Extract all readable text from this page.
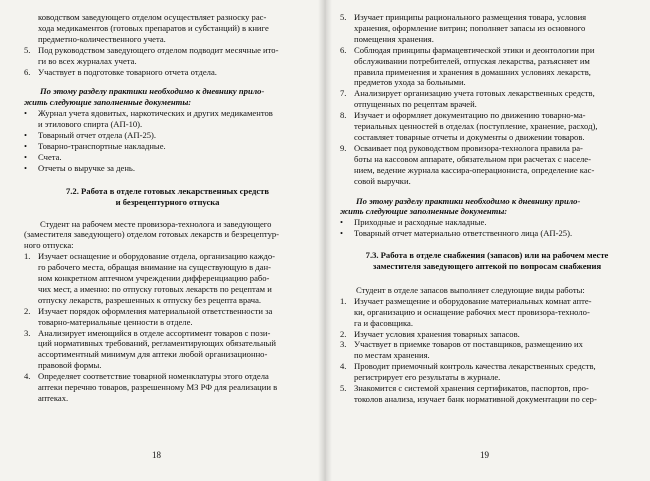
ководством заведующего отделом осуществляет разноску рас-
хода медикаментов (готовых препаратов и субстанций) в книге
предметно-количественного учета.

5. Под руководством заведующего отделом подводит месячные ито-
ги во всех журналах учета.
6. Участвует в подготовке товарного отчета отдела.

По этому разделу практики необходимо к дневнику прило-
жить следующие заполненные документы:

•	Журнал учета ядовитых, наркотических и других медикаментов
и этилового спирта (АП-10).
•	Товарный отчет отдела (АП-25).
•	Товарно-транспортные накладные.
•	Счета.
•	Отчеты о выручке за день.

7.2. Работа в отделе готовых лекарственных средств
и безрецептурного отпуска

Студент на рабочем месте провизора-технолога и заведующего
(заместителя заведующего) отделом готовых лекарств и безрецептур-
ного отпуска:

1. Изучает оснащение и оборудование отдела, организацию каждо-
го рабочего места, обращая внимание на существующую в дан-
ном конкретном аптечном учреждении дифференциацию рабо-
чих мест, а именно: по отпуску готовых лекарств по рецептам и
отпуску лекарств, разрешенных к отпуску без рецепта врача.
2. Изучает порядок оформления материальной ответственности за
товарно-материальные ценности в отделе.
3. Анализирует имеющийся в отделе ассортимент товаров с пози-
ций нормативных требований, регламентирующих обязательный
ассортиментный минимум для аптеки любой организационно-
правовой формы.
4. Определяет соответствие товарной номенклатуры этого отдела
аптеки перечню товаров, разрешенному МЗ РФ для реализации в
аптеках.
18
5. Изучает принципы рационального размещения товара, условия
хранения, оформление витрин; пополняет запасы из основного
помещения хранения.
6. Соблюдая принципы фармацевтической этики и деонтологии при
обслуживании потребителей, отпуская лекарства, разъясняет им
правила применения и хранения в домашних условиях лекарств,
предметов ухода за больными.
7. Анализирует организацию учета готовых лекарственных средств,
отпущенных по рецептам врачей.
8. Изучает и оформляет документацию по движению товарно-ма-
териальных ценностей в отделах (поступление, хранение, расход),
составляет товарные отчеты и документы о движении товаров.
9. Осваивает под руководством провизора-технолога правила ра-
боты на кассовом аппарате, обязательном при расчетах с населе-
нием, ведение журнала кассира-операциониста, определение кас-
совой выручки.

По этому разделу практики необходимо к дневнику прило-
жить следующие заполненные документы:

•	Приходные и расходные накладные.
•	Товарный отчет материально ответственного лица (АП-25).

7.3. Работа в отделе снабжения (запасов) или на рабочем месте
заместителя заведующего аптекой по вопросам снабжения

Студент в отделе запасов выполняет следующие виды работы:

1. Изучает размещение и оборудование материальных комнат апте-
ки, организацию и оснащение рабочих мест провизора-техноло-
га и фасовщика.
2. Изучает условия хранения товарных запасов.
3. Участвует в приемке товаров от поставщиков, размещению их
по местам хранения.
4. Проводит приемочный контроль качества лекарственных средств,
регистрирует его результаты в журнале.
5. Знакомится с системой хранения сертификатов, паспортов, про-
токолов анализа, изучает банк нормативной документации по сер-
19
